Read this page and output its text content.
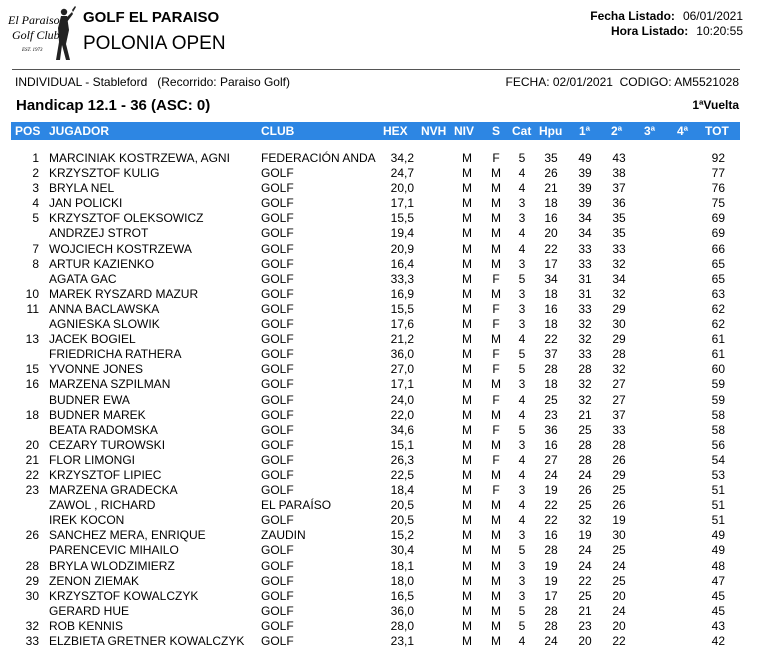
El Paraiso
Golf Club
EST. 1973
GOLF EL PARAISO
POLONIA OPEN
Fecha Listado: 06/01/2021
Hora Listado: 10:20:55
INDIVIDUAL - Stableford   (Recorrido: Paraiso Golf)	FECHA: 02/01/2021  CODIGO: AM5521028
Handicap 12.1 - 36 (ASC: 0)	1ªVuelta
POS JUGADOR	CLUB	HEX NVH NIV S Cat Hpu 1ª 2ª 3ª 4ª TOT
1 MARCINIAK KOSTRZEWA, AGNI	FEDERACIÓN ANDA	34,2	M F	5	35	49 43	92
2 KRZYSZTOF KULIG	GOLF	24,7	M M	4	26	39 38	77
3 BRYLA NEL	GOLF	20,0	M M	4	21	39 37	76
4 JAN POLICKI	GOLF	17,1	M M	3	18	39 36	75
5 KRZYSZTOF OLEKSOWICZ	GOLF	15,5	M M	3	16	34 35	69
ANDRZEJ STROT	GOLF	19,4	M M	4	20	34 35	69
7 WOJCIECH KOSTRZEWA	GOLF	20,9	M M	4	22	33 33	66
8 ARTUR KAZIENKO	GOLF	16,4	M M	3	17	33 32	65
AGATA GAC	GOLF	33,3	M F	5	34	31 34	65
10 MAREK RYSZARD MAZUR	GOLF	16,9	M M	3	18	31 32	63
11 ANNA BACLAWSKA	GOLF	15,5	M F	3	16	33 29	62
AGNIESKA SLOWIK	GOLF	17,6	M F	3	18	32 30	62
13 JACEK BOGIEL	GOLF	21,2	M M	4	22	32 29	61
FRIEDRICHA RATHERA	GOLF	36,0	M F	5	37	33 28	61
15 YVONNE JONES	GOLF	27,0	M F	5	28	28 32	60
16 MARZENA SZPILMAN	GOLF	17,1	M M	3	18	32 27	59
BUDNER EWA	GOLF	24,0	M F	4	25	32 27	59
18 BUDNER MAREK	GOLF	22,0	M M	4	23	21 37	58
BEATA RADOMSKA	GOLF	34,6	M F	5	36	25 33	58
20 CEZARY TUROWSKI	GOLF	15,1	M M	3	16	28 28	56
21 FLOR LIMONGI	GOLF	26,3	M F	4	27	28 26	54
22 KRZYSZTOF LIPIEC	GOLF	22,5	M M	4	24	24 29	53
23 MARZENA GRADECKA	GOLF	18,4	M F	3	19	26 25	51
ZAWOL , RICHARD	EL PARAÍSO	20,5	M M	4	22	25 26	51
IREK KOCON	GOLF	20,5	M M	4	22	32 19	51
26 SANCHEZ MERA, ENRIQUE	ZAUDIN	15,2	M M	3	16	19 30	49
PARENCEVIC MIHAILO	GOLF	30,4	M M	5	28	24 25	49
28 BRYLA WLODZIMIERZ	GOLF	18,1	M M	3	19	24 24	48
29 ZENON ZIEMAK	GOLF	18,0	M M	3	19	22 25	47
30 KRZYSZTOF KOWALCZYK	GOLF	16,5	M M	3	17	25 20	45
GERARD HUE	GOLF	36,0	M M	5	28	21 24	45
32 ROB KENNIS	GOLF	28,0	M M	5	28	23 20	43
33 ELZBIETA GRETNER KOWALCZYK GOLF	23,1	M M	4	24	20 22	42
